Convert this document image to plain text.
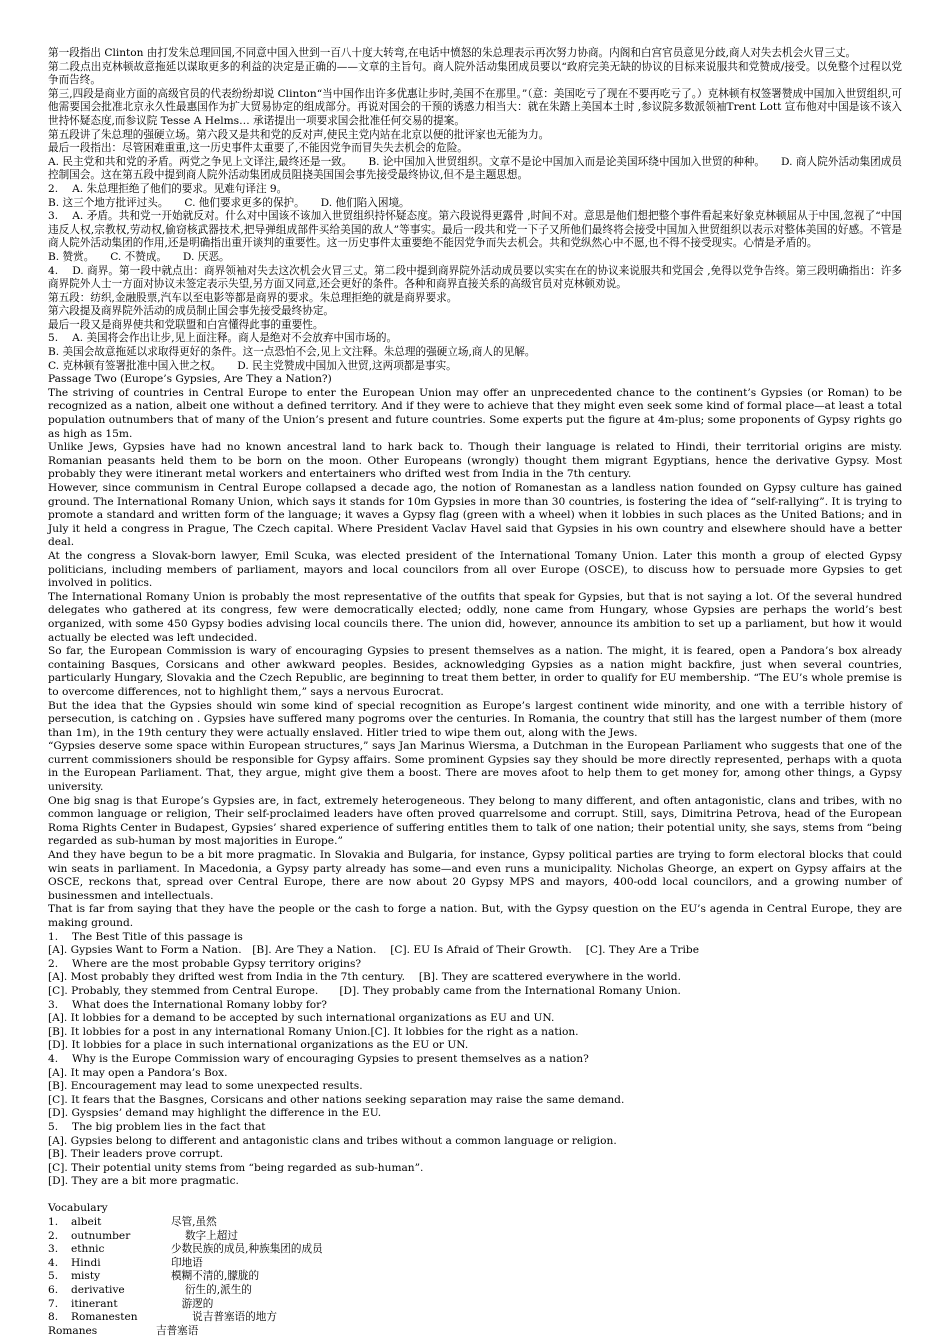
第一段指出 Clinton 由打发朱总理回国,不同意中国入世到一百八十度大转弯,在电话中愤怒的朱总理表示再次努力协商。内阁和白宫官员意见分歧,商人对失去机会火冒三丈。

第二段点出克林顿故意拖延以谋取更多的利益的决定是正确的——文章的主旨句。商人院外活动集团成员要以“政府完美无缺的协议的目标来说服共和党赞成/接受。以免整个过程以党争而告终。

第三,四段是商业方面的高级官员的代表纷纷却说 Clinton“当中国作出许多优惠让步时,美国不在那里。”（意：美国吃亏了现在不要再吃亏了。）克林顿有权签署赞成中国加入世贸组织,可他需要国会批准北京永久性最惠国作为扩大贸易协定的组成部分。再说对国会的干预的诱惑力相当大：就在朱踏上美国本土时 ,参议院多数派领袖Trent Lott 宣布他对中国是该不该入世持怀疑态度,而参议院 Tesse A Helms… 承诺提出一项要求国会批准任何交易的提案。

第五段讲了朱总理的强硬立场。第六段又是共和党的反对声,使民主党内站在北京以便的批评家也无能为力。

最后一段指出：尽管困难重重,这一历史事件太重要了,不能因党争而冒失失去机会的危险。

A. 民主党和共和党的矛盾。两党之争见上文译注,最终还是一致。　　B. 论中国加入世贸组织。文章不是论中国加入而是论美国环绕中国加入世贸的种种。　　D. 商人院外活动集团成员控制国会。这在第五段中提到商人院外活动集团成员阻挠美国国会事先接受最终协议,但不是主题思想。

2.　 A. 朱总理拒绝了他们的要求。见难句译注 9。

B. 这三个地方批评过头。　　C. 他们要求更多的保护。　　D. 他们陷入困境。

3.　 A. 矛盾。共和党一开始就反对。什么对中国该不该加入世贸组织持怀疑态度。第六段说得更露骨 ,时间不对。意思是他们想把整个事件看起来好象克林顿屈从于中国,忽视了“中国违反人权,宗教权,劳动权,偷窃核武器技术,把导弹组成部件买给美国的敌人”等事实。最后一段共和党一下子又所他们最终将会接受中国加入世贸组织以表示对整体美国的好感。不管是商人院外活动集团的作用,还是明确指出重开谈判的重要性。这一历史事件太重要绝不能因党争而失去机会。共和党纵然心中不愿,也不得不接受现实。心情是矛盾的。

B. 赞赏。　　C. 不赞成。　　D. 厌恶。

4.　 D. 商界。第一段中就点出：商界领袖对失去这次机会火冒三丈。第二段中提到商界院外活动成员要以实实在在的协议来说服共和党国会 ,免得以党争告终。第三段明确指出：许多商界院外人士一方面对协议未签定表示失望,另方面又同意,还会更好的条件。各种和商界直接关系的高级官员对克林顿劝说。

第五段：纺织,金融股票,汽车以至电影等都是商界的要求。朱总理拒绝的就是商界要求。

第六段提及商界院外活动的成员制止国会事先接受最终协定。

最后一段又是商界使共和党联盟和白宫懂得此事的重要性。

5.　 A. 美国将会作出让步,见上面注释。商人是绝对不会放弃中国市场的。

B. 美国会故意拖延以求取得更好的条件。这一点恐怕不会,见上文注释。朱总理的强硬立场,商人的见解。

C. 克林顿有签署批准中国入世之权。　　D. 民主党赞成中国加入世贸,这两项都是事实。

Passage Two (Europe’s Gypsies, Are They a Nation?)

The striving of countries in Central Europe to enter the European Union may offer an unprecedented chance to the continent’s Gypsies (or Roman) to be recognized as a nation, albeit one without a defined territory. And if they were to achieve that they might even seek some kind of formal place—at least a total population outnumbers that of many of the Union’s present and future countries. Some experts put the figure at 4m-plus; some proponents of Gypsy rights go as high as 15m.

Unlike Jews, Gypsies have had no known ancestral land to hark back to. Though their language is related to Hindi, their territorial origins are misty. Romanian peasants held them to be born on the moon. Other Europeans (wrongly) thought them migrant Egyptians, hence the derivative Gypsy. Most probably they were itinerant metal workers and entertainers who drifted west from India in the 7th century.

However, since communism in Central Europe collapsed a decade ago, the notion of Romanestan as a landless nation founded on Gypsy culture has gained ground. The International Romany Union, which says it stands for 10m Gypsies in more than 30 countries, is fostering the idea of “self-rallying”. It is trying to promote a standard and written form of the language; it waves a Gypsy flag (green with a wheel) when it lobbies in such places as the United Bations; and in July it held a congress in Prague, The Czech capital. Where President Vaclav Havel said that Gypsies in his own country and elsewhere should have a better deal.

At the congress a Slovak-born lawyer, Emil Scuka, was elected president of the International Tomany Union. Later this month a group of elected Gypsy politicians, including members of parliament, mayors and local councilors from all over Europe (OSCE), to discuss how to persuade more Gypsies to get involved in politics.

The International Romany Union is probably the most representative of the outfits that speak for Gypsies, but that is not saying a lot. Of the several hundred delegates who gathered at its congress, few were democratically elected; oddly, none came from Hungary, whose Gypsies are perhaps the world’s best organized, with some 450 Gypsy bodies advising local councils there. The union did, however, announce its ambition to set up a parliament, but how it would actually be elected was left undecided.

So far, the European Commission is wary of encouraging Gypsies to present themselves as a nation. The might, it is feared, open a Pandora’s box already containing Basques, Corsicans and other awkward peoples. Besides, acknowledging Gypsies as a nation might backfire, just when several countries, particularly Hungary, Slovakia and the Czech Republic, are beginning to treat them better, in order to qualify for EU membership. “The EU’s whole premise is to overcome differences, not to highlight them,” says a nervous Eurocrat.

But the idea that the Gypsies should win some kind of special recognition as Europe’s largest continent wide minority, and one with a terrible history of persecution, is catching on . Gypsies have suffered many pogroms over the centuries. In Romania, the country that still has the largest number of them (more than 1m), in the 19th century they were actually enslaved. Hitler tried to wipe them out, along with the Jews.

“Gypsies deserve some space within European structures,” says Jan Marinus Wiersma, a Dutchman in the European Parliament who suggests that one of the current commissioners should be responsible for Gypsy affairs. Some prominent Gypsies say they should be more directly represented, perhaps with a quota in the European Parliament. That, they argue, might give them a boost. There are moves afoot to help them to get money for, among other things, a Gypsy university.

One big snag is that Europe’s Gypsies are, in fact, extremely heterogeneous. They belong to many different, and often antagonistic, clans and tribes, with no common language or religion, Their self-proclaimed leaders have often proved quarrelsome and corrupt. Still, says, Dimitrina Petrova, head of the European Roma Rights Center in Budapest, Gypsies’ shared experience of suffering entitles them to talk of one nation; their potential unity, she says, stems from “being regarded as sub-human by most majorities in Europe.”

And they have begun to be a bit more pragmatic. In Slovakia and Bulgaria, for instance, Gypsy political parties are trying to form electoral blocks that could win seats in parliament. In Macedonia, a Gypsy party already has some—and even runs a municipality. Nicholas Gheorge, an expert on Gypsy affairs at the OSCE, reckons that, spread over Central Europe, there are now about 20 Gypsy MPS and mayors, 400-odd local councilors, and a growing number of businessmen and intellectuals.

That is far from saying that they have the people or the cash to forge a nation. But, with the Gypsy question on the EU’s agenda in Central Europe, they are making ground.

1. The Best Title of this passage is

[A]. Gypsies Want to Form a Nation.　[B]. Are They a Nation.　 [C]. EU Is Afraid of Their Growth.　 [C]. They Are a Tribe

2. Where are the most probable Gypsy territory origins?

[A]. Most probably they drifted west from India in the 7th century.　 [B]. They are scattered everywhere in the world.

[C]. Probably, they stemmed from Central Europe.　　[D]. They probably came from the International Romany Union.

3. What does the International Romany lobby for?

[A]. It lobbies for a demand to be accepted by such international organizations as EU and UN.

[B]. It lobbies for a post in any international Romany Union.[C]. It lobbies for the right as a nation.

[D]. It lobbies for a place in such international organizations as the EU or UN.

4. Why is the Europe Commission wary of encouraging Gypsies to present themselves as a nation?

[A]. It may open a Pandora’s Box.

[B]. Encouragement may lead to some unexpected results.

[C]. It fears that the Basgnes, Corsicans and other nations seeking separation may raise the same demand.

[D]. Gyspsies’ demand may highlight the difference in the EU.

5. The big problem lies in the fact that

[A]. Gypsies belong to different and antagonistic clans and tribes without a common language or religion.

[B]. Their leaders prove corrupt.

[C]. Their potential unity stems from “being regarded as sub-human”.

[D]. They are a bit more pragmatic.

Vocabulary

1.	albeit	尽管,虽然
2.	outnumber	　 数字上超过
3.	ethnic	少数民族的成员,种族集团的成员
4.	Hindi	印地语
5.	misty	模糊不清的,朦胧的
6.	derivative	　 衍生的,派生的
7.	itinerant	　游逻的
8.	Romanesten	　　说吉普塞语的地方
Romanes	吉普塞语
